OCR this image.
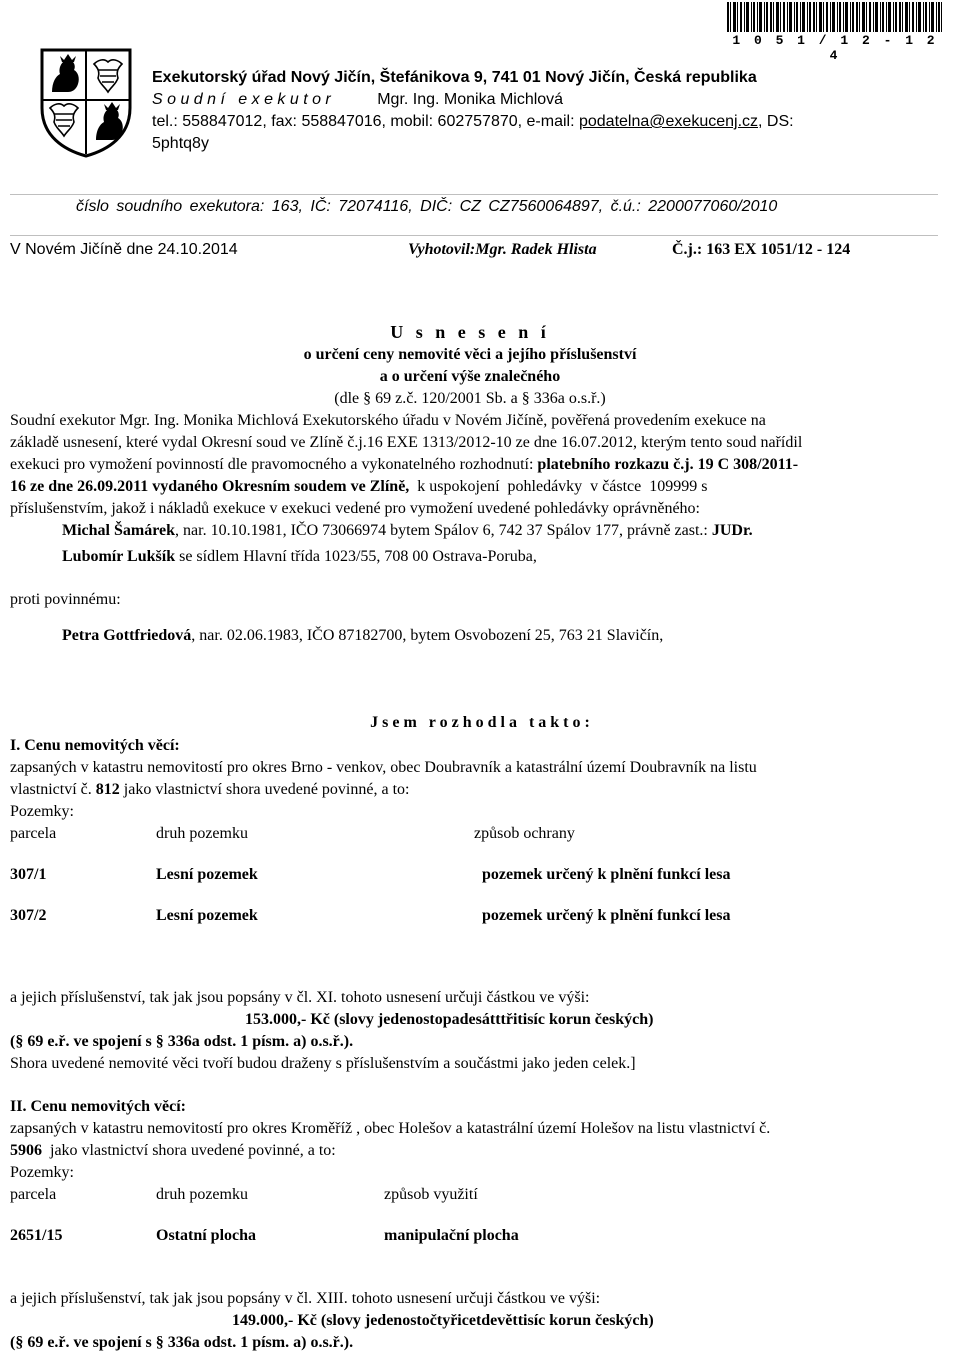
1 0 5 1 / 1 2 - 1 2 4
Exekutorský úřad Nový Jičín, Štefánikova 9, 741 01 Nový Jičín, Česká republika
S o u d n í   e x e k u t o r	Mgr. Ing. Monika Michlová
tel.: 558847012, fax: 558847016, mobil: 602757870, e-mail: podatelna@exekucenj.cz, DS:
5phtq8y
číslo soudního exekutora: 163, IČ: 72074116, DIČ: CZ CZ7560064897, č.ú.: 2200077060/2010
V Novém Jičíně dne 24.10.2014	Vyhotovil:Mgr. Radek Hlista	Č.j.: 163 EX 1051/12 - 124
U s n e s e n í
o určení ceny nemovité věci a jejího příslušenství
a o určení výše znalečného
(dle § 69 z.č. 120/2001 Sb. a § 336a o.s.ř.)
Soudní exekutor Mgr. Ing. Monika Michlová Exekutorského úřadu v Novém Jičíně, pověřená provedením exekuce na
základě usnesení, které vydal Okresní soud ve Zlíně č.j.16 EXE 1313/2012-10 ze dne 16.07.2012, kterým tento soud nařídil
exekuci pro vymožení povinností dle pravomocného a vykonatelného rozhodnutí: platebního rozkazu č.j. 19 C 308/2011-
16 ze dne 26.09.2011 vydaného Okresním soudem ve Zlíně,  k uspokojení  pohledávky  v částce  109999 s
příslušenstvím, jakož i nákladů exekuce v exekuci vedené pro vymožení uvedené pohledávky oprávněného:
Michal Šamárek, nar. 10.10.1981, IČO 73066974 bytem Spálov 6, 742 37 Spálov 177, právně zast.: JUDr.
Lubomír Lukšík se sídlem Hlavní třída 1023/55, 708 00 Ostrava-Poruba,
proti povinnému:
Petra Gottfriedová, nar. 02.06.1983, IČO 87182700, bytem Osvobození 25, 763 21 Slavičín,
J s e m   r o z h o d l a   t a k t o :
I. Cenu nemovitých věcí:
zapsaných v katastru nemovitostí pro okres Brno - venkov, obec Doubravník a katastrální území Doubravník na listu
vlastnictví č. 812 jako vlastnictví shora uvedené povinné, a to:
Pozemky:
parcela	druh pozemku	způsob ochrany
307/1	Lesní pozemek	pozemek určený k plnění funkcí lesa
307/2	Lesní pozemek	pozemek určený k plnění funkcí lesa
a jejich příslušenství, tak jak jsou popsány v čl. XI. tohoto usnesení určuji částkou ve výši:
153.000,- Kč (slovy jedenostopadesátttřitisíc korun českých)
(§ 69 e.ř. ve spojení s § 336a odst. 1 písm. a) o.s.ř.).
Shora uvedené nemovité věci tvoří budou draženy s příslušenstvím a součástmi jako jeden celek.]
II. Cenu nemovitých věcí:
zapsaných v katastru nemovitostí pro okres Kroměříž , obec Holešov a katastrální území Holešov na listu vlastnictví č.
5906  jako vlastnictví shora uvedené povinné, a to:
Pozemky:
parcela	druh pozemku	způsob využití
2651/15	Ostatní plocha	manipulační plocha
a jejich příslušenství, tak jak jsou popsány v čl. XIII. tohoto usnesení určuji částkou ve výši:
149.000,- Kč (slovy jedenostočtyřicetdevěttisíc korun českých)
(§ 69 e.ř. ve spojení s § 336a odst. 1 písm. a) o.s.ř.).
